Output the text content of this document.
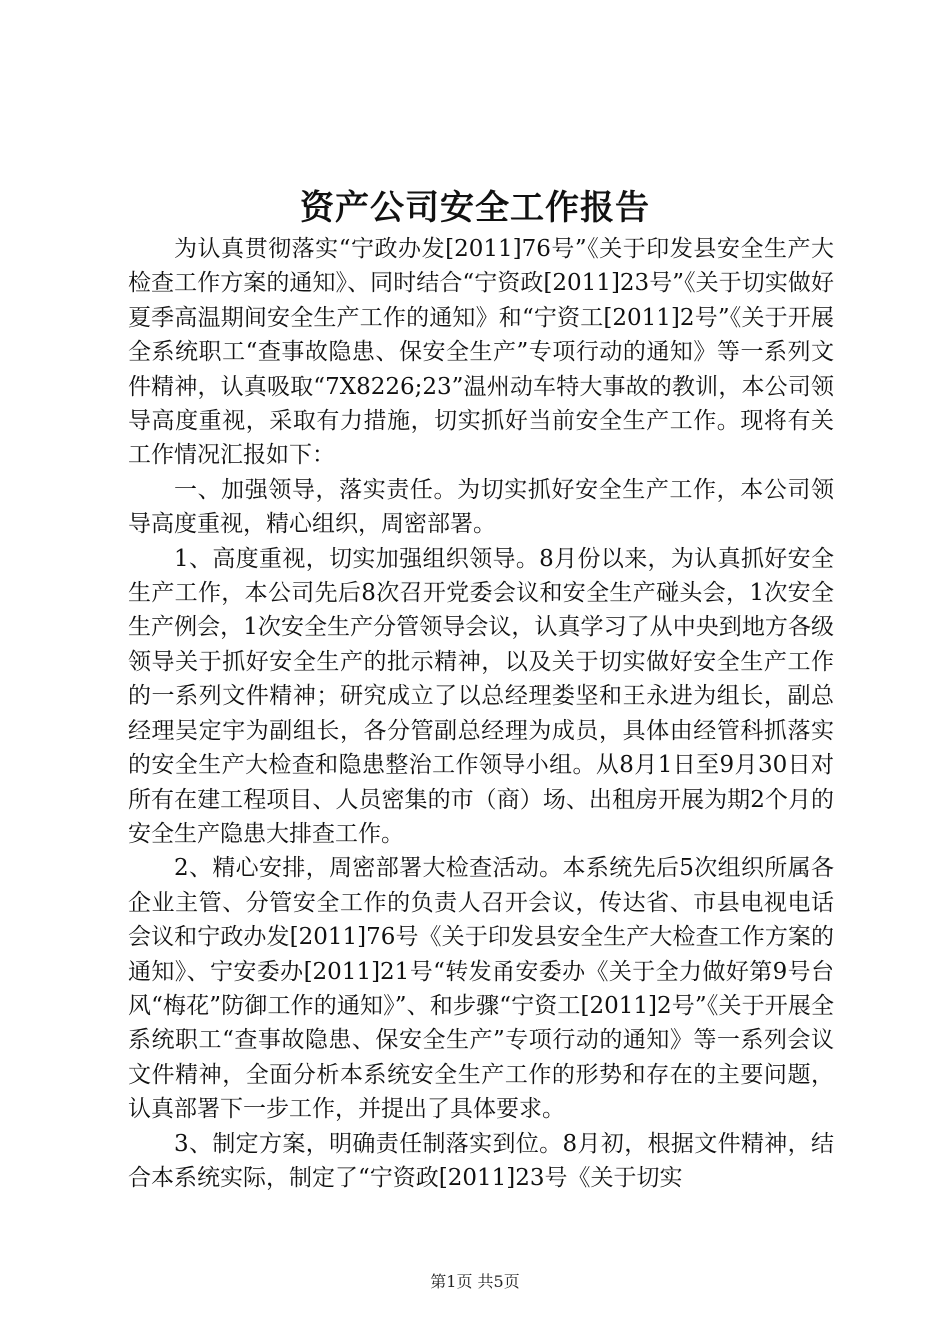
资产公司安全工作报告

为认真贯彻落实“宁政办发[2011]76号”《关于印发县安全生产大检查工作方案的通知》、同时结合“宁资政[2011]23号”《关于切实做好夏季高温期间安全生产工作的通知》和“宁资工[2011]2号”《关于开展全系统职工“查事故隐患、保安全生产”专项行动的通知》等一系列文件精神，认真吸取“7X8226;23”温州动车特大事故的教训，本公司领导高度重视，采取有力措施，切实抓好当前安全生产工作。现将有关工作情况汇报如下：

一、加强领导，落实责任。为切实抓好安全生产工作，本公司领导高度重视，精心组织，周密部署。

1、高度重视，切实加强组织领导。8月份以来，为认真抓好安全生产工作，本公司先后8次召开党委会议和安全生产碰头会，1次安全生产例会，1次安全生产分管领导会议，认真学习了从中央到地方各级领导关于抓好安全生产的批示精神，以及关于切实做好安全生产工作的一系列文件精神；研究成立了以总经理娄坚和王永进为组长，副总经理吴定宇为副组长，各分管副总经理为成员，具体由经管科抓落实的安全生产大检查和隐患整治工作领导小组。从8月1日至9月30日对所有在建工程项目、人员密集的市（商）场、出租房开展为期2个月的安全生产隐患大排查工作。

2、精心安排，周密部署大检查活动。本系统先后5次组织所属各企业主管、分管安全工作的负责人召开会议，传达省、市县电视电话会议和宁政办发[2011]76号《关于印发县安全生产大检查工作方案的通知》、宁安委办[2011]21号“转发甬安委办《关于全力做好第9号台风“梅花”防御工作的通知》”、和步骤“宁资工[2011]2号”《关于开展全系统职工“查事故隐患、保安全生产”专项行动的通知》等一系列会议文件精神，全面分析本系统安全生产工作的形势和存在的主要问题，认真部署下一步工作，并提出了具体要求。

3、制定方案，明确责任制落实到位。8月初，根据文件精神，结合本系统实际，制定了“宁资政[2011]23号《关于切实

第1页 共5页
